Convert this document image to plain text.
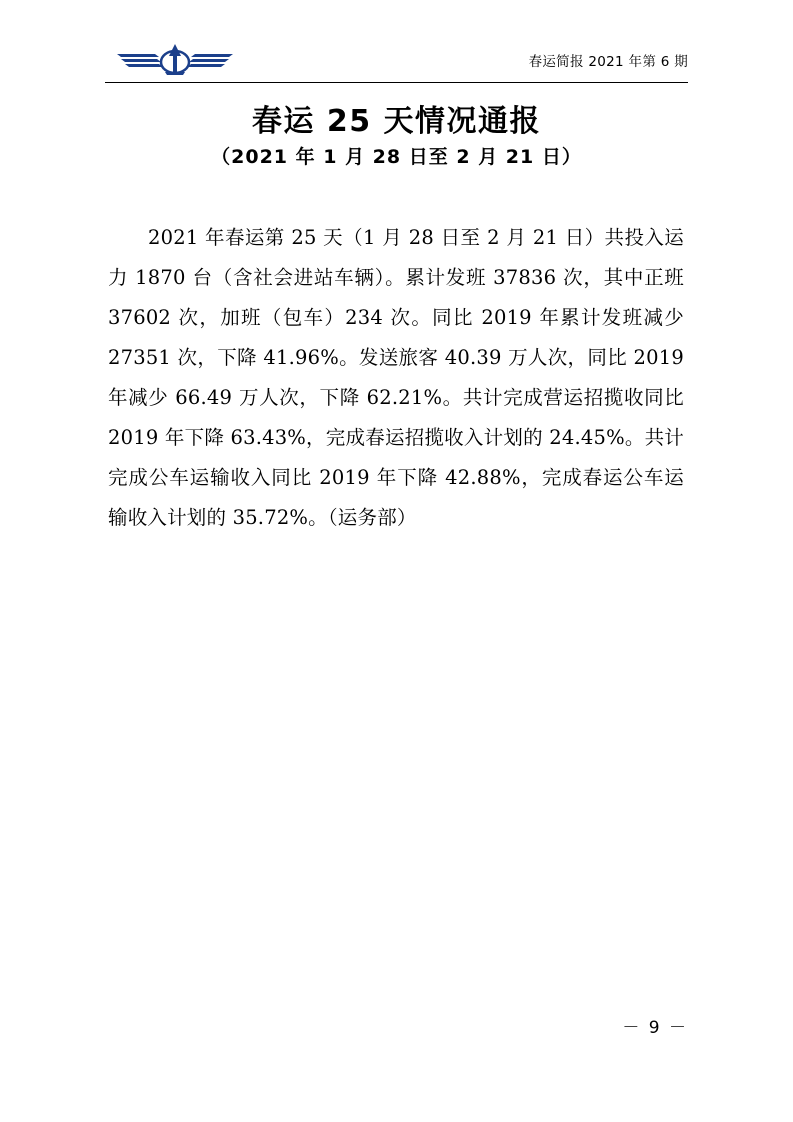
春运简报 2021 年第 6 期
春运 25 天情况通报
（2021 年 1 月 28 日至 2 月 21 日）
2021 年春运第 25 天（1 月 28 日至 2 月 21 日）共投入运力 1870 台（含社会进站车辆）。累计发班 37836 次，其中正班 37602 次，加班（包车）234 次。同比 2019 年累计发班减少 27351 次，下降 41.96%。发送旅客 40.39 万人次，同比 2019 年减少 66.49 万人次，下降 62.21%。共计完成营运招揽收同比 2019 年下降 63.43%，完成春运招揽收入计划的 24.45%。共计完成公车运输收入同比 2019 年下降 42.88%，完成春运公车运输收入计划的 35.72%。（运务部）
－ 9 －
